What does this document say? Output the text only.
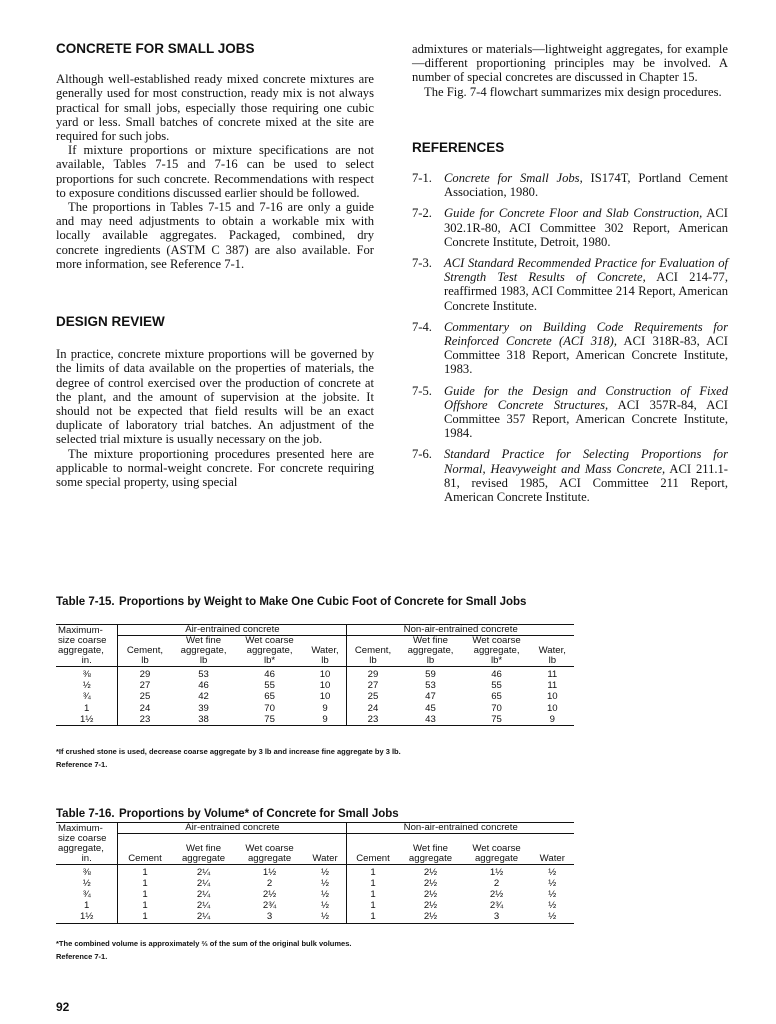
CONCRETE FOR SMALL JOBS

Although well-established ready mixed concrete mixtures are generally used for most construction, ready mix is not always practical for small jobs, especially those requiring one cubic yard or less. Small batches of concrete mixed at the site are required for such jobs.

If mixture proportions or mixture specifications are not available, Tables 7-15 and 7-16 can be used to select proportions for such concrete. Recommendations with respect to exposure conditions discussed earlier should be followed.

The proportions in Tables 7-15 and 7-16 are only a guide and may need adjustments to obtain a workable mix with locally available aggregates. Packaged, combined, dry concrete ingredients (ASTM C 387) are also available. For more information, see Reference 7-1.

DESIGN REVIEW

In practice, concrete mixture proportions will be governed by the limits of data available on the properties of materials, the degree of control exercised over the production of concrete at the plant, and the amount of supervision at the jobsite. It should not be expected that field results will be an exact duplicate of laboratory trial batches. An adjustment of the selected trial mixture is usually necessary on the job.

The mixture proportioning procedures presented here are applicable to normal-weight concrete. For concrete requiring some special property, using special

admixtures or materials—lightweight aggregates, for example—different proportioning principles may be involved. A number of special concretes are discussed in Chapter 15.

The Fig. 7-4 flowchart summarizes mix design procedures.

REFERENCES
7-1. Concrete for Small Jobs, IS174T, Portland Cement Association, 1980.
7-2. Guide for Concrete Floor and Slab Construction, ACI 302.1R-80, ACI Committee 302 Report, American Concrete Institute, Detroit, 1980.
7-3. ACI Standard Recommended Practice for Evaluation of Strength Test Results of Concrete, ACI 214-77, reaffirmed 1983, ACI Committee 214 Report, American Concrete Institute.
7-4. Commentary on Building Code Requirements for Reinforced Concrete (ACI 318), ACI 318R-83, ACI Committee 318 Report, American Concrete Institute, 1983.
7-5. Guide for the Design and Construction of Fixed Offshore Concrete Structures, ACI 357R-84, ACI Committee 357 Report, American Concrete Institute, 1984.
7-6. Standard Practice for Selecting Proportions for Normal, Heavyweight and Mass Concrete, ACI 211.1-81, revised 1985, ACI Committee 211 Report, American Concrete Institute.
Table 7-15. Proportions by Weight to Make One Cubic Foot of Concrete for Small Jobs
Maximum-	Air-entrained concrete				Non-air-entrained concrete			
size coarse		Wet fine	Wet coarse			Wet fine	Wet coarse	
aggregate,	Cement,	aggregate,	aggregate,	Water,	Cement,	aggregate,	aggregate,	Water,
in.	lb	lb	lb*	lb	lb	lb	lb*	lb
⅜	29	53	46	10	29	59	46	11
½	27	46	55	10	27	53	55	11
¾	25	42	65	10	25	47	65	10
1	24	39	70	9	24	45	70	10
1½	23	38	75	9	23	43	75	9
*If crushed stone is used, decrease coarse aggregate by 3 lb and increase fine aggregate by 3 lb.
Reference 7-1.
Table 7-16. Proportions by Volume* of Concrete for Small Jobs
Maximum-	Air-entrained concrete				Non-air-entrained concrete			
size coarse								
aggregate,		Wet fine	Wet coarse			Wet fine	Wet coarse	
in.	Cement	aggregate	aggregate	Water	Cement	aggregate	aggregate	Water
⅜	1	2¼	1½	½	1	2½	1½	½
½	1	2¼	2	½	1	2½	2	½
¾	1	2¼	2½	½	1	2½	2½	½
1	1	2¼	2¾	½	1	2½	2¾	½
1½	1	2¼	3	½	1	2½	3	½
*The combined volume is approximately ⅔ of the sum of the original bulk volumes.
Reference 7-1.
92
